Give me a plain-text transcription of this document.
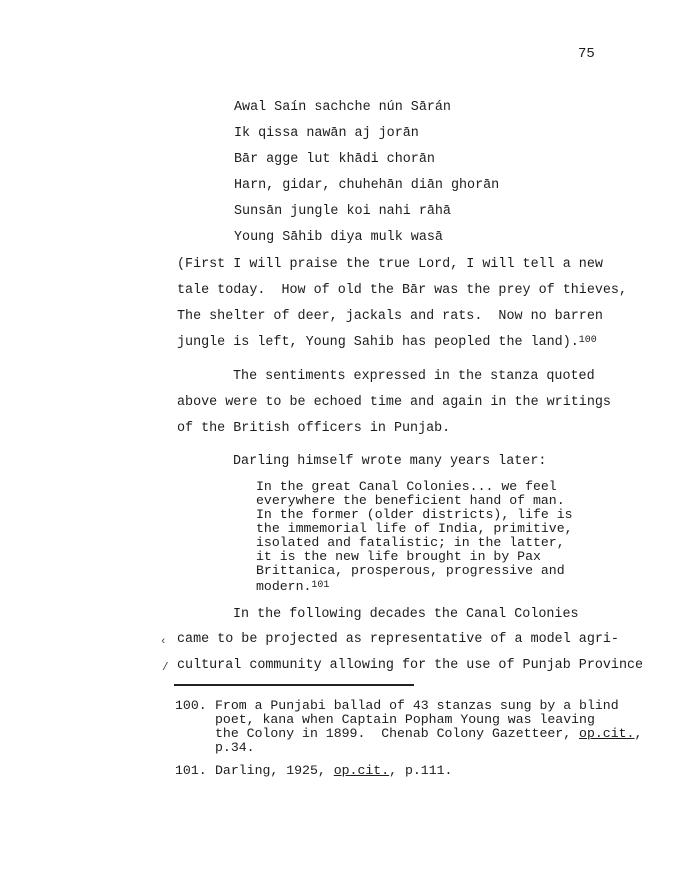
75
Awal Saín sachche nún Sārán
Ik qissa nawān aj jorān
Bār agge lut khādi chorān
Harn, gidar, chuhehān diān ghorān
Sunsān jungle koi nahi rāhā
Young Sāhib diya mulk wasā
(First I will praise the true Lord, I will tell a new
tale today.  How of old the Bār was the prey of thieves,
The shelter of deer, jackals and rats.  Now no barren
jungle is left, Young Sahib has peopled the land).$^{100}$
The sentiments expressed in the stanza quoted
above were to be echoed time and again in the writings
of the British officers in Punjab.
Darling himself wrote many years later:
In the great Canal Colonies... we feel
everywhere the beneficient hand of man.
In the former (older districts), life is
the immemorial life of India, primitive,
isolated and fatalistic; in the latter,
it is the new life brought in by Pax
Brittanica, prosperous, progressive and
modern.$^{101}$
In the following decades the Canal Colonies
came to be projected as representative of a model agri-
cultural community allowing for the use of Punjab Province
‹
/
100. From a Punjabi ballad of 43 stanzas sung by a blind
poet, kana when Captain Popham Young was leaving
the Colony in 1899.  Chenab Colony Gazetteer, op.cit.,
p.34.
101. Darling, 1925, op.cit., p.111.
